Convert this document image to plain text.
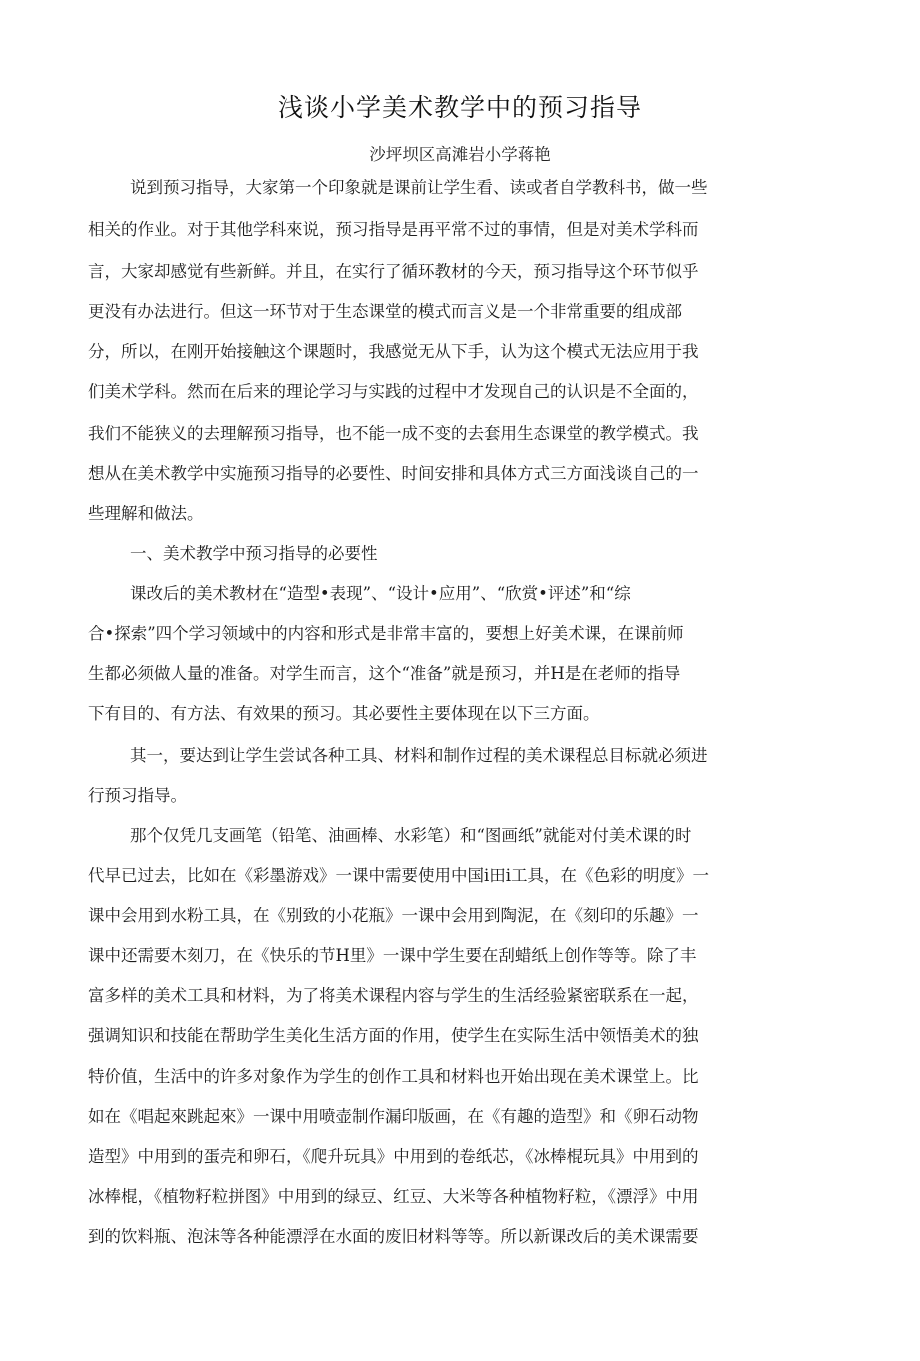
浅谈小学美术教学中的预习指导
沙坪坝区高滩岩小学蒋艳
说到预习指导，大家第一个印象就是课前让学生看、读或者自学教科书，做一些
相关的作业。对于其他学科來说，预习指导是再平常不过的事情，但是对美术学科而
言，大家却感觉有些新鲜。并且，在实行了循环教材的今天，预习指导这个环节似乎
更没有办法进行。但这一环节对于生态课堂的模式而言义是一个非常重要的组成部
分，所以，在刚开始接触这个课题时，我感觉无从下手，认为这个模式无法应用于我
们美术学科。然而在后来的理论学习与实践的过程中才发现自己的认识是不全面的，
我们不能狭义的去理解预习指导，也不能一成不变的去套用生态课堂的教学模式。我
想从在美术教学中实施预习指导的必要性、时间安排和具体方式三方面浅谈自己的一
些理解和做法。
一、美术教学中预习指导的必要性
课改后的美术教材在“造型•表现”、“设计•应用”、“欣赏•评述”和“综
合•探索”四个学习领域中的内容和形式是非常丰富的，要想上好美术课，在课前师
生都必须做人量的准备。对学生而言，这个“准备”就是预习，并H是在老师的指导
下有目的、有方法、有效果的预习。其必要性主要体现在以下三方面。
其一，要达到让学生尝试各种工具、材料和制作过程的美术课程总目标就必须进
行预习指导。
那个仅凭几支画笔（铅笔、油画棒、水彩笔）和“图画纸”就能对付美术课的时
代早已过去，比如在《彩墨游戏》一课中需要使用中国i田i工具，在《色彩的明度》一
课中会用到水粉工具，在《别致的小花瓶》一课中会用到陶泥，在《刻印的乐趣》一
课中还需要木刻刀，在《快乐的节H里》一课中学生要在刮蜡纸上创作等等。除了丰
富多样的美术工具和材料，为了将美术课程内容与学生的生活经验紧密联系在一起，
强调知识和技能在帮助学生美化生活方面的作用，使学生在实际生活中领悟美术的独
特价值，生活中的许多对象作为学生的创作工具和材料也开始出现在美术课堂上。比
如在《唱起來跳起來》一课中用喷壶制作漏印版画，在《有趣的造型》和《卵石动物
造型》中用到的蛋壳和卵石，《爬升玩具》中用到的卷纸芯，《冰棒棍玩具》中用到的
冰棒棍，《植物籽粒拼图》中用到的绿豆、红豆、大米等各种植物籽粒，《漂浮》中用
到的饮料瓶、泡沫等各种能漂浮在水面的废旧材料等等。所以新课改后的美术课需要
